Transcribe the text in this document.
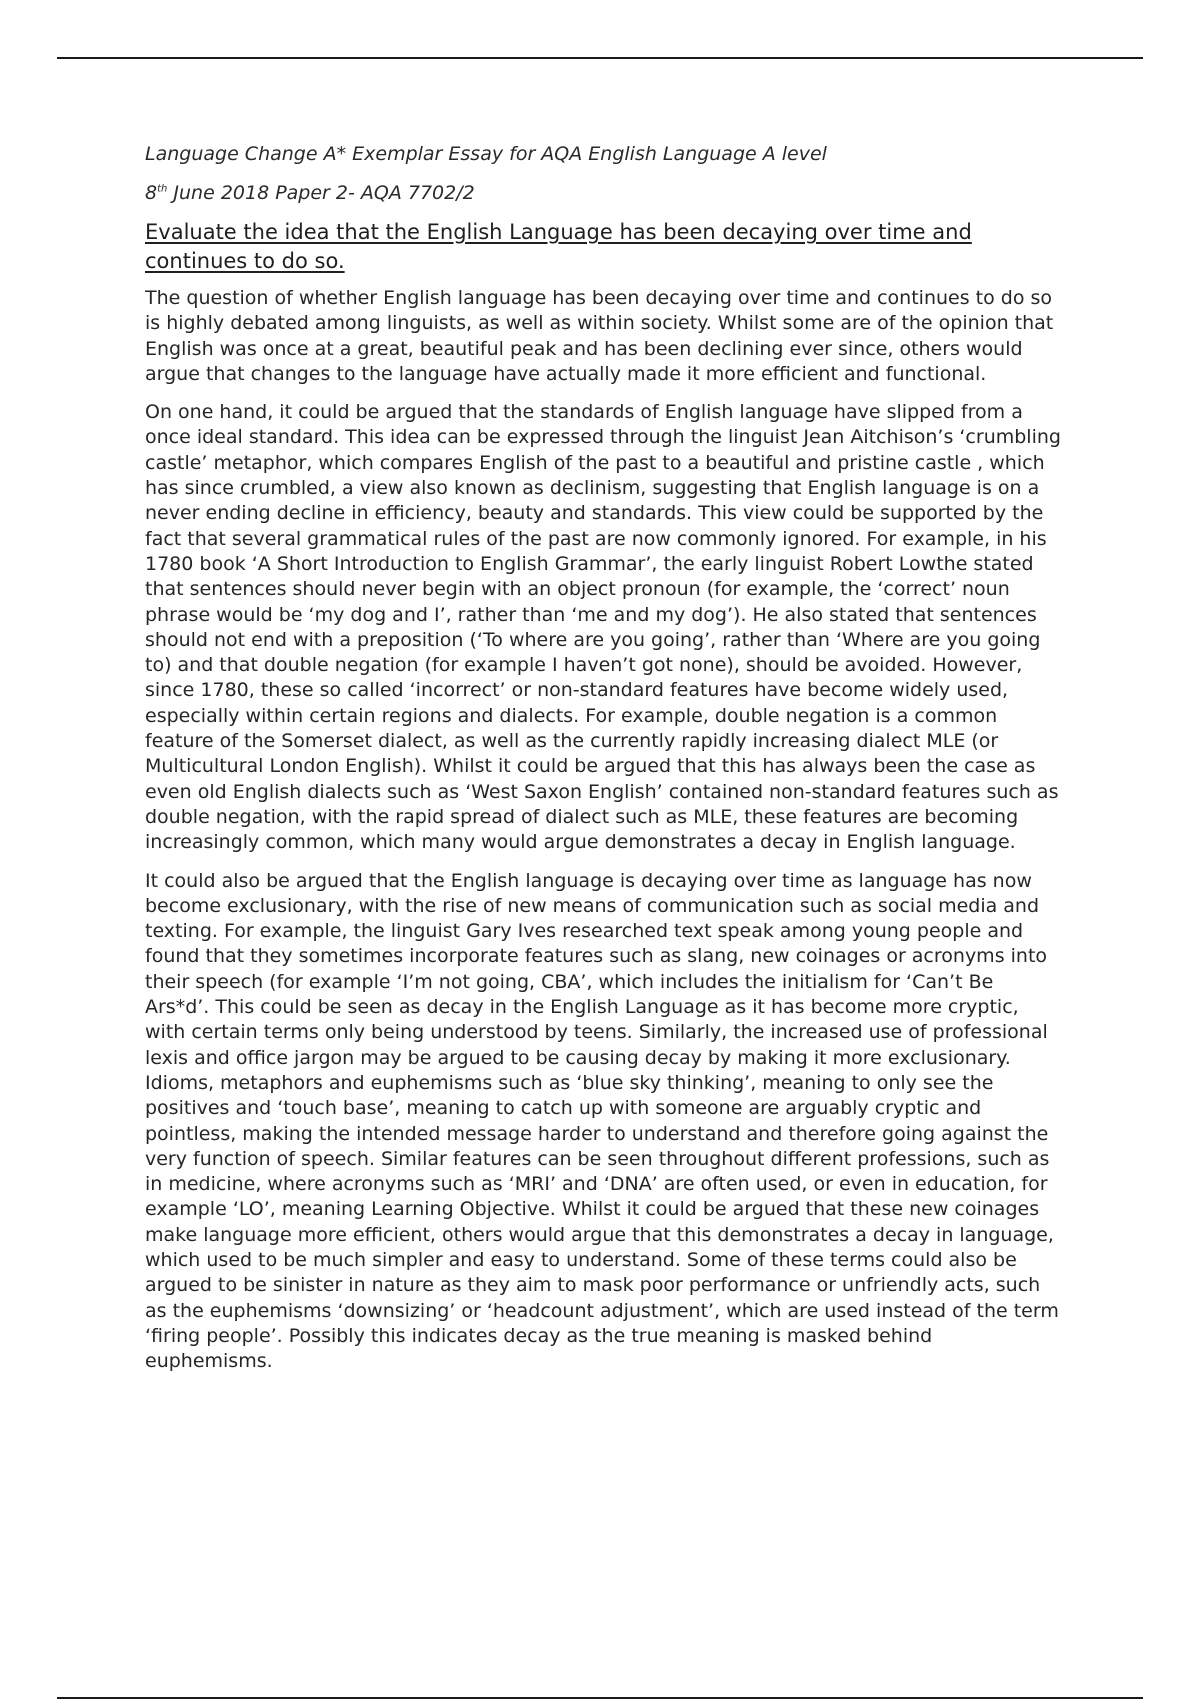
Language Change A* Exemplar Essay for AQA English Language A level

8th June 2018 Paper 2- AQA 7702/2

Evaluate the idea that the English Language has been decaying over time and continues to do so.

The question of whether English language has been decaying over time and continues to do so is highly debated among linguists, as well as within society. Whilst some are of the opinion that English was once at a great, beautiful peak and has been declining ever since, others would argue that changes to the language have actually made it more efficient and functional.

On one hand, it could be argued that the standards of English language have slipped from a once ideal standard. This idea can be expressed through the linguist Jean Aitchison’s ‘crumbling castle’ metaphor, which compares English of the past to a beautiful and pristine castle , which has since crumbled, a view also known as declinism, suggesting that English language is on a never ending decline in efficiency, beauty and standards. This view could be supported by the fact that several grammatical rules of the past are now commonly ignored. For example, in his 1780 book ‘A Short Introduction to English Grammar’, the early linguist Robert Lowthe stated that sentences should never begin with an object pronoun (for example, the ‘correct’ noun phrase would be ‘my dog and I’, rather than ‘me and my dog’). He also stated that sentences should not end with a preposition (‘To where are you going’, rather than ‘Where are you going to) and that double negation (for example I haven’t got none), should be avoided. However, since 1780, these so called ‘incorrect’ or non-standard features have become widely used, especially within certain regions and dialects. For example, double negation is a common feature of the Somerset dialect, as well as the currently rapidly increasing dialect MLE (or Multicultural London English). Whilst it could be argued that this has always been the case as even old English dialects such as ‘West Saxon English’ contained non-standard features such as double negation, with the rapid spread of dialect such as MLE, these features are becoming increasingly common, which many would argue demonstrates a decay in English language.

It could also be argued that the English language is decaying over time as language has now become exclusionary, with the rise of new means of communication such as social media and texting. For example, the linguist Gary Ives researched text speak among young people and found that they sometimes incorporate features such as slang, new coinages or acronyms into their speech (for example ‘I’m not going, CBA’, which includes the initialism for ‘Can’t Be Ars*d’. This could be seen as decay in the English Language as it has become more cryptic, with certain terms only being understood by teens. Similarly, the increased use of professional lexis and office jargon may be argued to be causing decay by making it more exclusionary. Idioms, metaphors and euphemisms such as ‘blue sky thinking’, meaning to only see the positives and ‘touch base’, meaning to catch up with someone are arguably cryptic and pointless, making the intended message harder to understand and therefore going against the very function of speech. Similar features can be seen throughout different professions, such as in medicine, where acronyms such as ‘MRI’ and ‘DNA’ are often used, or even in education, for example ‘LO’, meaning Learning Objective. Whilst it could be argued that these new coinages make language more efficient, others would argue that this demonstrates a decay in language, which used to be much simpler and easy to understand. Some of these terms could also be argued to be sinister in nature as they aim to mask poor performance or unfriendly acts, such as the euphemisms ‘downsizing’ or ‘headcount adjustment’, which are used instead of the term ‘firing people’. Possibly this indicates decay as the true meaning is masked behind euphemisms.
